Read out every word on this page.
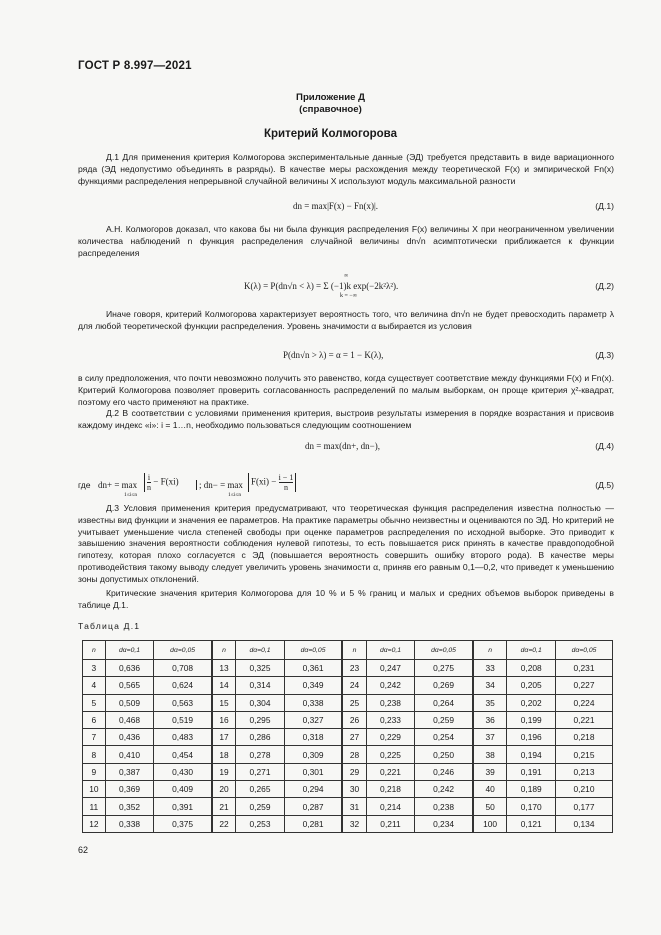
ГОСТ Р 8.997—2021
Приложение Д
(справочное)
Критерий Колмогорова
Д.1 Для применения критерия Колмогорова экспериментальные данные (ЭД) требуется представить в виде вариационного ряда (ЭД недопустимо объединять в разряды). В качестве меры расхождения между теоретической F(x) и эмпирической Fn(x) функциями распределения непрерывной случайной величины X используют модуль максимальной разности
dn = max|F(x) − Fn(x)|.	(Д.1)
А.Н. Колмогоров доказал, что какова бы ни была функция распределения F(x) величины X при неограниченном увеличении количества наблюдений n функция распределения случайной величины dn√n асимптотически приближается к функции распределения
∞
K(λ) = P(dn√n < λ) = Σ (−1)k exp(−2k²λ²).
k = −∞
(Д.2)
Иначе говоря, критерий Колмогорова характеризует вероятность того, что величина dn√n не будет превосходить параметр λ для любой теоретической функции распределения. Уровень значимости α выбирается из условия
P(dn√n > λ) = α = 1 − K(λ),	(Д.3)
в силу предположения, что почти невозможно получить это равенство, когда существует соответствие между функциями F(x) и Fn(x). Критерий Колмогорова позволяет проверить согласованность распределений по малым выборкам, он проще критерия χ²-квадрат, поэтому его часто применяют на практике.
Д.2 В соответствии с условиями применения критерия, выстроив результаты измерения в порядке возрастания и присвоив каждому индекс «i»: i = 1…n, необходимо пользоваться следующим соотношением
dn = max(dn+, dn−),	(Д.4)
где dn+ = max
1≤i≤n
$\frac{i}{n} - F(xi)$	; dn− = max
1≤i≤n
$F(xi) - \frac{i - 1}{n}$	(Д.5)
Д.3 Условия применения критерия предусматривают, что теоретическая функция распределения известна полностью — известны вид функции и значения ее параметров. На практике параметры обычно неизвестны и оцениваются по ЭД. Но критерий не учитывает уменьшение числа степеней свободы при оценке параметров распределения по исходной выборке. Это приводит к завышению значения вероятности соблюдения нулевой гипотезы, то есть повышается риск принять в качестве правдоподобной гипотезу, которая плохо согласуется с ЭД (повышается вероятность совершить ошибку второго рода). В качестве меры противодействия такому выводу следует увеличить уровень значимости α, приняв его равным 0,1—0,2, что приведет к уменьшению зоны допустимых отклонений.
Критические значения критерия Колмогорова для 10 % и 5 % границ и малых и средних объемов выборок приведены в таблице Д.1.
Таблица Д.1
n	dα=0,1	dα=0,05	n	dα=0,1	dα=0,05	n	dα=0,1	dα=0,05	n	dα=0,1	dα=0,05
3	0,636	0,708	13	0,325	0,361	23	0,247	0,275	33	0,208	0,231
4	0,565	0,624	14	0,314	0,349	24	0,242	0,269	34	0,205	0,227
5	0,509	0,563	15	0,304	0,338	25	0,238	0,264	35	0,202	0,224
6	0,468	0,519	16	0,295	0,327	26	0,233	0,259	36	0,199	0,221
7	0,436	0,483	17	0,286	0,318	27	0,229	0,254	37	0,196	0,218
8	0,410	0,454	18	0,278	0,309	28	0,225	0,250	38	0,194	0,215
9	0,387	0,430	19	0,271	0,301	29	0,221	0,246	39	0,191	0,213
10	0,369	0,409	20	0,265	0,294	30	0,218	0,242	40	0,189	0,210
11	0,352	0,391	21	0,259	0,287	31	0,214	0,238	50	0,170	0,177
12	0,338	0,375	22	0,253	0,281	32	0,211	0,234	100	0,121	0,134
62
